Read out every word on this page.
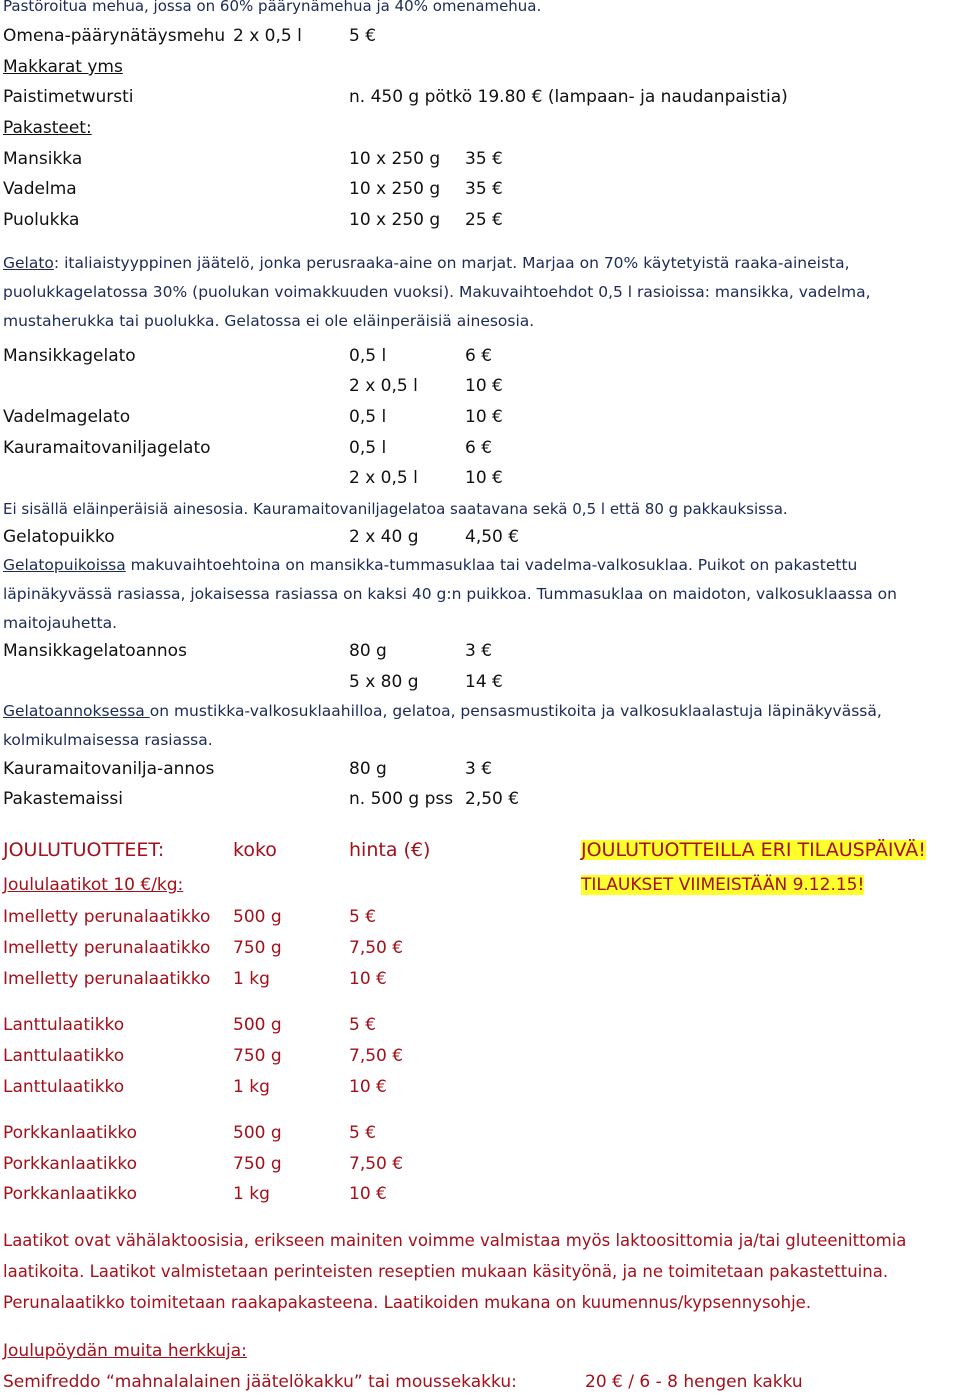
Pastöroitua mehua, jossa on 60% päärynämehua ja 40% omenamehua.
Omena-päärynätäysmehu 2 x 0,5 l	5 €
Makkarat yms
Paistimetwursti	n. 450 g pötkö 19.80 € (lampaan- ja naudanpaistia)
Pakasteet:
Mansikka	10 x 250 g 35 €
Vadelma	10 x 250 g 35 €
Puolukka	10 x 250 g 25 €
Gelato: italiaistyyppinen jäätelö, jonka perusraaka-aine on marjat. Marjaa on 70% käytetyistä raaka-aineista, puolukkagelatossa 30% (puolukan voimakkuuden vuoksi). Makuvaihtoehdot 0,5 l rasioissa: mansikka, vadelma, mustaherukka tai puolukka. Gelatossa ei ole eläinperäisiä ainesosia.
Mansikkagelato	0,5 l	6 €
2 x 0,5 l	10 €
Vadelmagelato	0,5 l	10 €
Kauramaitovaniljagelato	0,5 l	6 €
2 x 0,5 l	10 €
Ei sisällä eläinperäisiä ainesosia. Kauramaitovaniljagelatoa saatavana sekä 0,5 l että 80 g pakkauksissa.
Gelatopuikko	2 x 40 g	4,50 €
Gelatopuikoissa makuvaihtoehtoina on mansikka-tummasuklaa tai vadelma-valkosuklaa. Puikot on pakastettu läpinäkyvässä rasiassa, jokaisessa rasiassa on kaksi 40 g:n puikkoa. Tummasuklaa on maidoton, valkosuklaassa on maitojauhetta.
Mansikkagelatoannos	80 g	3 €
5 x 80 g	14 €
Gelatoannoksessa on mustikka-valkosuklaahilloa, gelatoa, pensasmustikoita ja valkosuklaalastuja läpinäkyvässä, kolmikulmaisessa rasiassa.
Kauramaitovanilja-annos	80 g	3 €
Pakastemaissi	n. 500 g pss 2,50 €
JOULUTUOTTEET:	koko	hinta (€)	JOULUTUOTTEILLA ERI TILAUSPÄIVÄ!
Joululaatikot 10 €/kg:	TILAUKSET VIIMEISTÄÄN 9.12.15!
Imelletty perunalaatikko 500 g	5 €
Imelletty perunalaatikko 750 g	7,50 €
Imelletty perunalaatikko 1 kg	10 €
Lanttulaatikko	500 g	5 €
Lanttulaatikko	750 g	7,50 €
Lanttulaatikko	1 kg	10 €
Porkkanlaatikko	500 g	5 €
Porkkanlaatikko	750 g	7,50 €
Porkkanlaatikko	1 kg	10 €
Laatikot ovat vähälaktoosisia, erikseen mainiten voimme valmistaa myös laktoosittomia ja/tai gluteenittomia laatikoita. Laatikot valmistetaan perinteisten reseptien mukaan käsityönä, ja ne toimitetaan pakastettuina. Perunalaatikko toimitetaan raakapakasteena. Laatikoiden mukana on kuumennus/kypsennysohje.
Joulupöydän muita herkkuja:
Semifreddo “mahnalalainen jäätelökakku” tai moussekakku:	20 € / 6 - 8 hengen kakku
